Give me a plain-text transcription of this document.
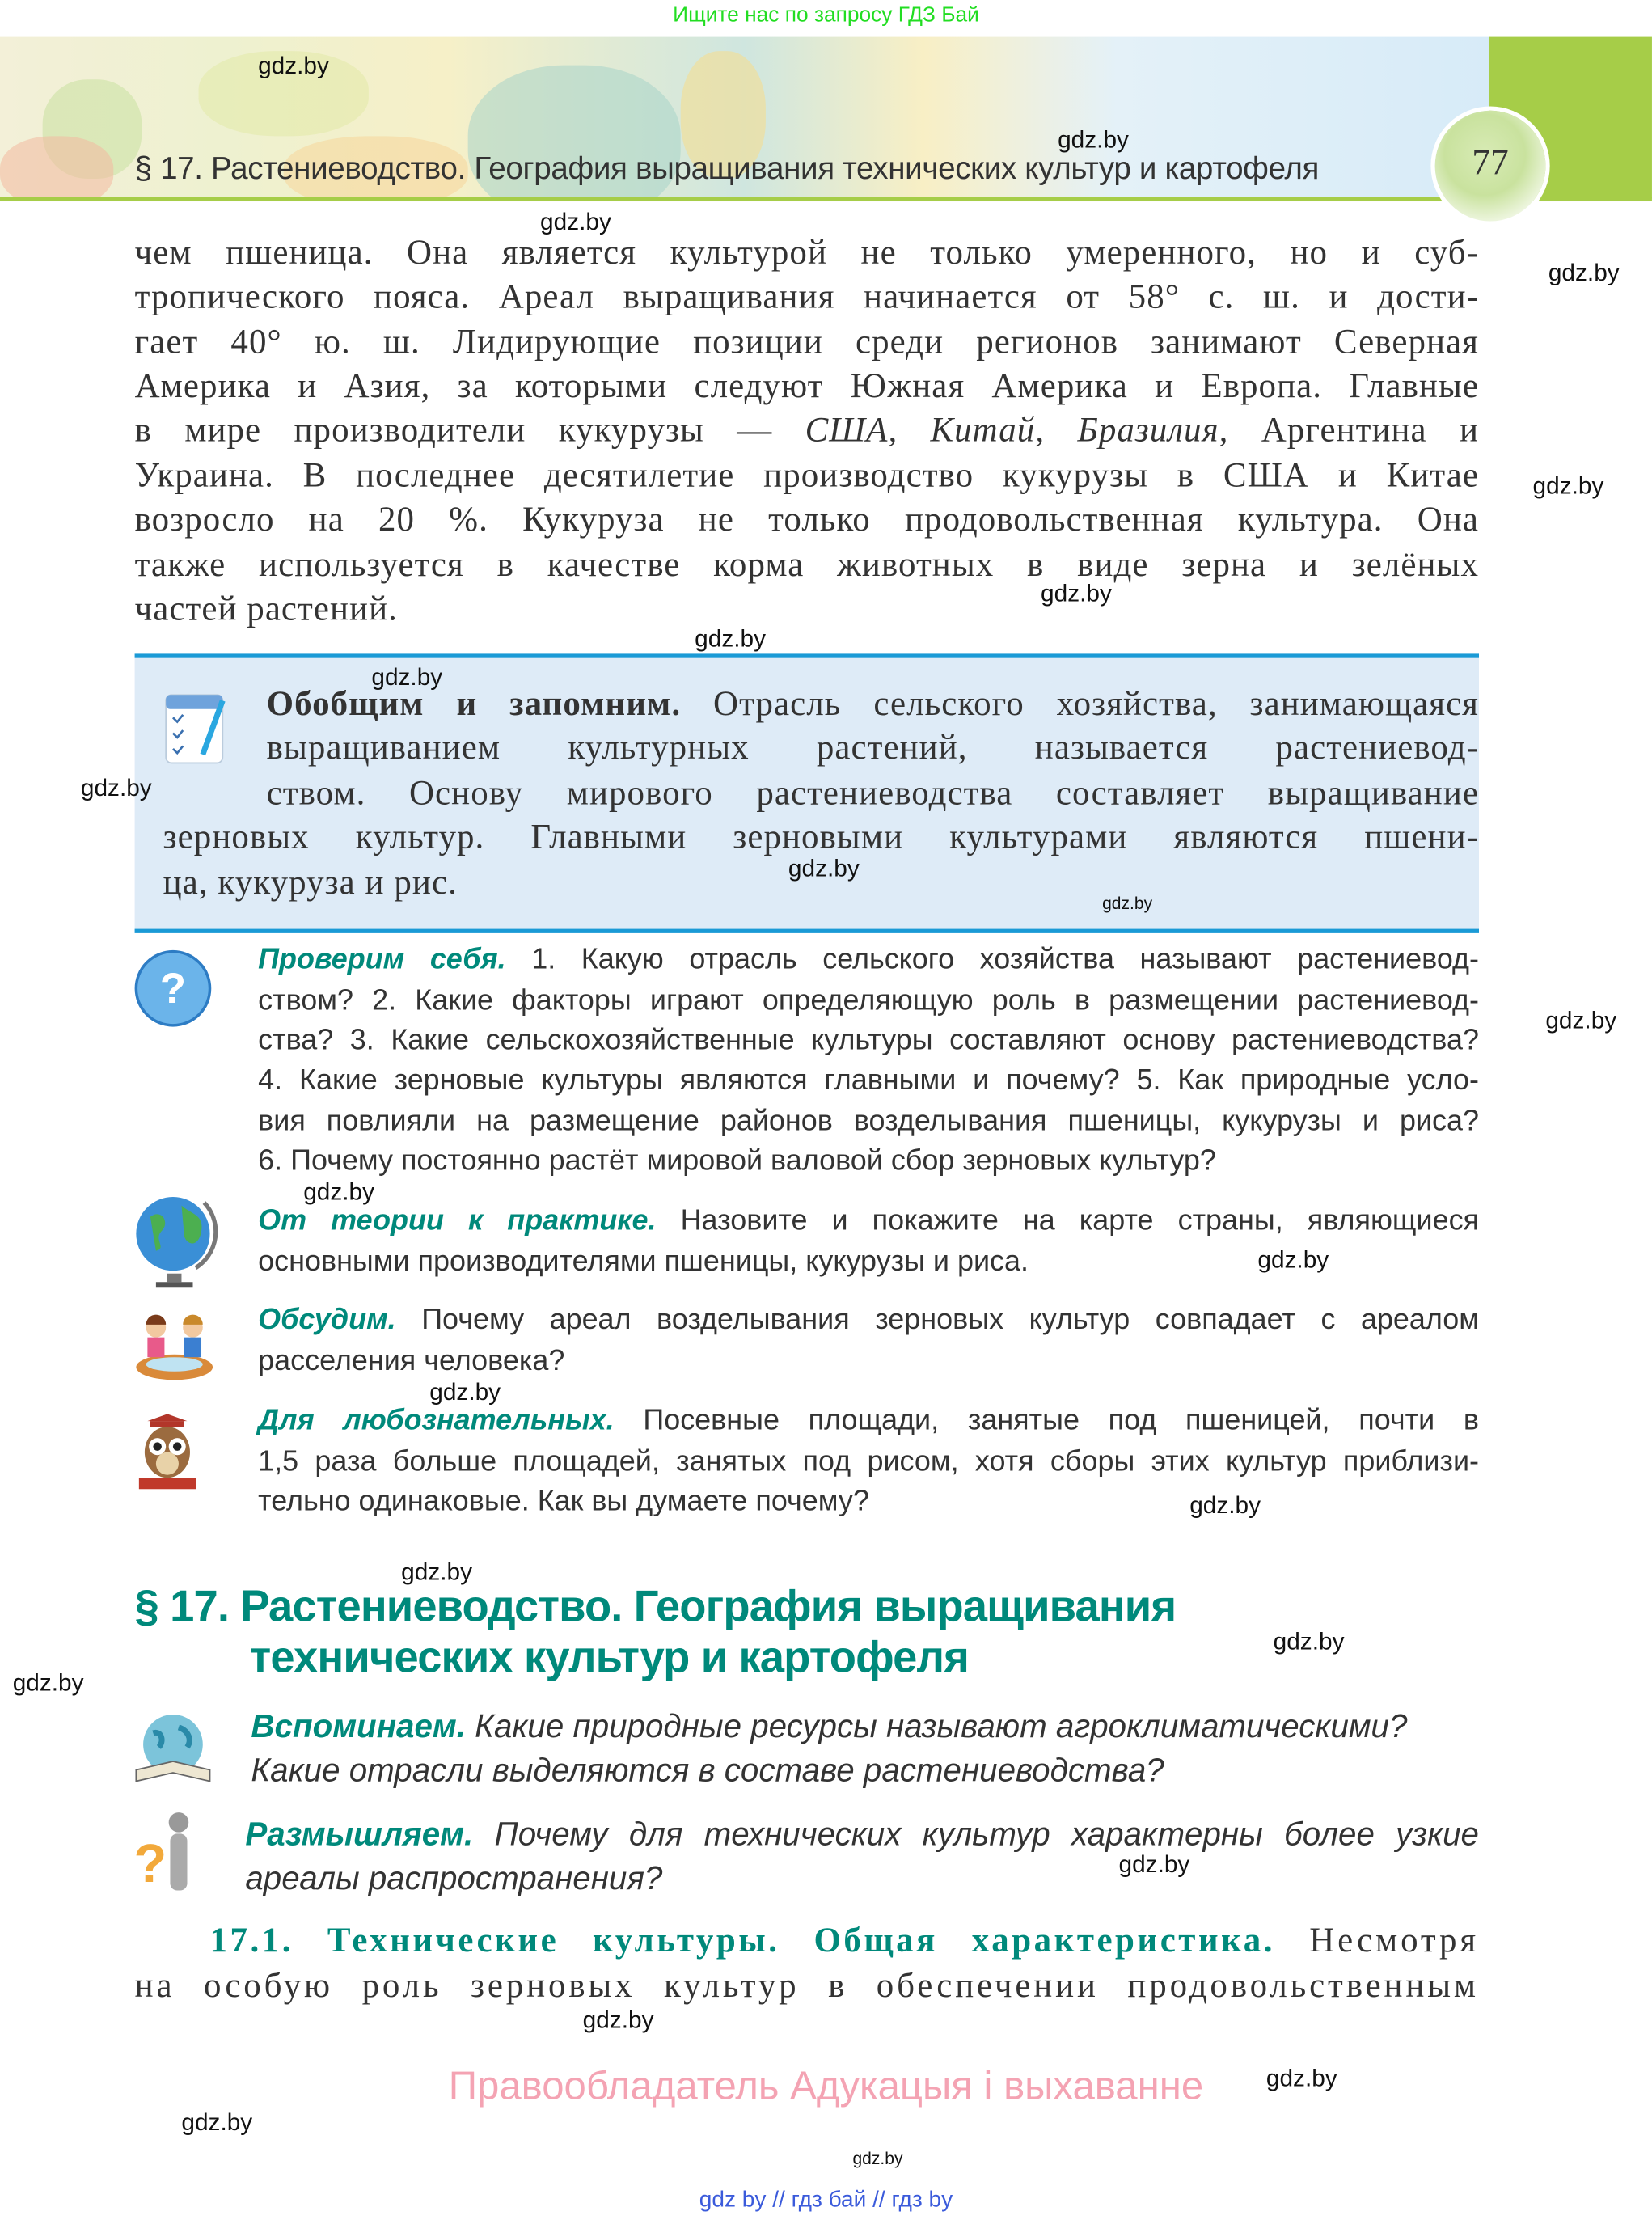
Ищите нас по запросу ГДЗ Бай
§ 17. Растениеводство. География выращивания технических культур и картофеля	77
?
?
чем пшеница. Она является культурой не только умеренного, но и суб-
тропического пояса. Ареал выращивания начинается от 58° с. ш. и дости-
гает 40° ю. ш. Лидирующие позиции среди регионов занимают Северная
Америка и Азия, за которыми следуют Южная Америка и Европа. Главные
в мире производители кукурузы — США, Китай, Бразилия, Аргентина и
Украина. В последнее десятилетие производство кукурузы в США и Китае
возросло на 20 %. Кукуруза не только продовольственная культура. Она
также используется в качестве корма животных в виде зерна и зелёных
частей растений.
Обобщим и запомним. Отрасль сельского хозяйства, занимающаяся
выращиванием культурных растений, называется растениевод-
ством. Основу мирового растениеводства составляет выращивание
зерновых культур. Главными зерновыми культурами являются пшени-
ца, кукуруза и рис.
Проверим себя. 1. Какую отрасль сельского хозяйства называют растениевод-
ством? 2. Какие факторы играют определяющую роль в размещении растениевод-
ства? 3. Какие сельскохозяйственные культуры составляют основу растениеводства?
4. Какие зерновые культуры являются главными и почему? 5. Как природные усло-
вия повлияли на размещение районов возделывания пшеницы, кукурузы и риса?
6. Почему постоянно растёт мировой валовой сбор зерновых культур?
От теории к практике. Назовите и покажите на карте страны, являющиеся
основными производителями пшеницы, кукурузы и риса.
Обсудим. Почему ареал возделывания зерновых культур совпадает с ареалом
расселения человека?
Для любознательных. Посевные площади, занятые под пшеницей, почти в
1,5 раза больше площадей, занятых под рисом, хотя сборы этих культур приблизи-
тельно одинаковые. Как вы думаете почему?
§ 17. Растениеводство. География выращивания
технических культур и картофеля
Вспоминаем. Какие природные ресурсы называют агроклиматическими?
Какие отрасли выделяются в составе растениеводства?
Размышляем. Почему для технических культур характерны более узкие
ареалы распространения?
17.1. Технические культуры. Общая характеристика. Несмотря
на особую роль зерновых культур в обеспечении продовольственным
Правообладатель Адукацыя і выхаванне
gdz by // гдз бай // гдз by
gdz.by
gdz.by
gdz.by
gdz.by
gdz.by
gdz.by
gdz.by
gdz.by
gdz.by
gdz.by
gdz.by
gdz.by
gdz.by
gdz.by
gdz.by
gdz.by
gdz.by
gdz.by
gdz.by
gdz.by
gdz.by
gdz.by
gdz.by
gdz.by
